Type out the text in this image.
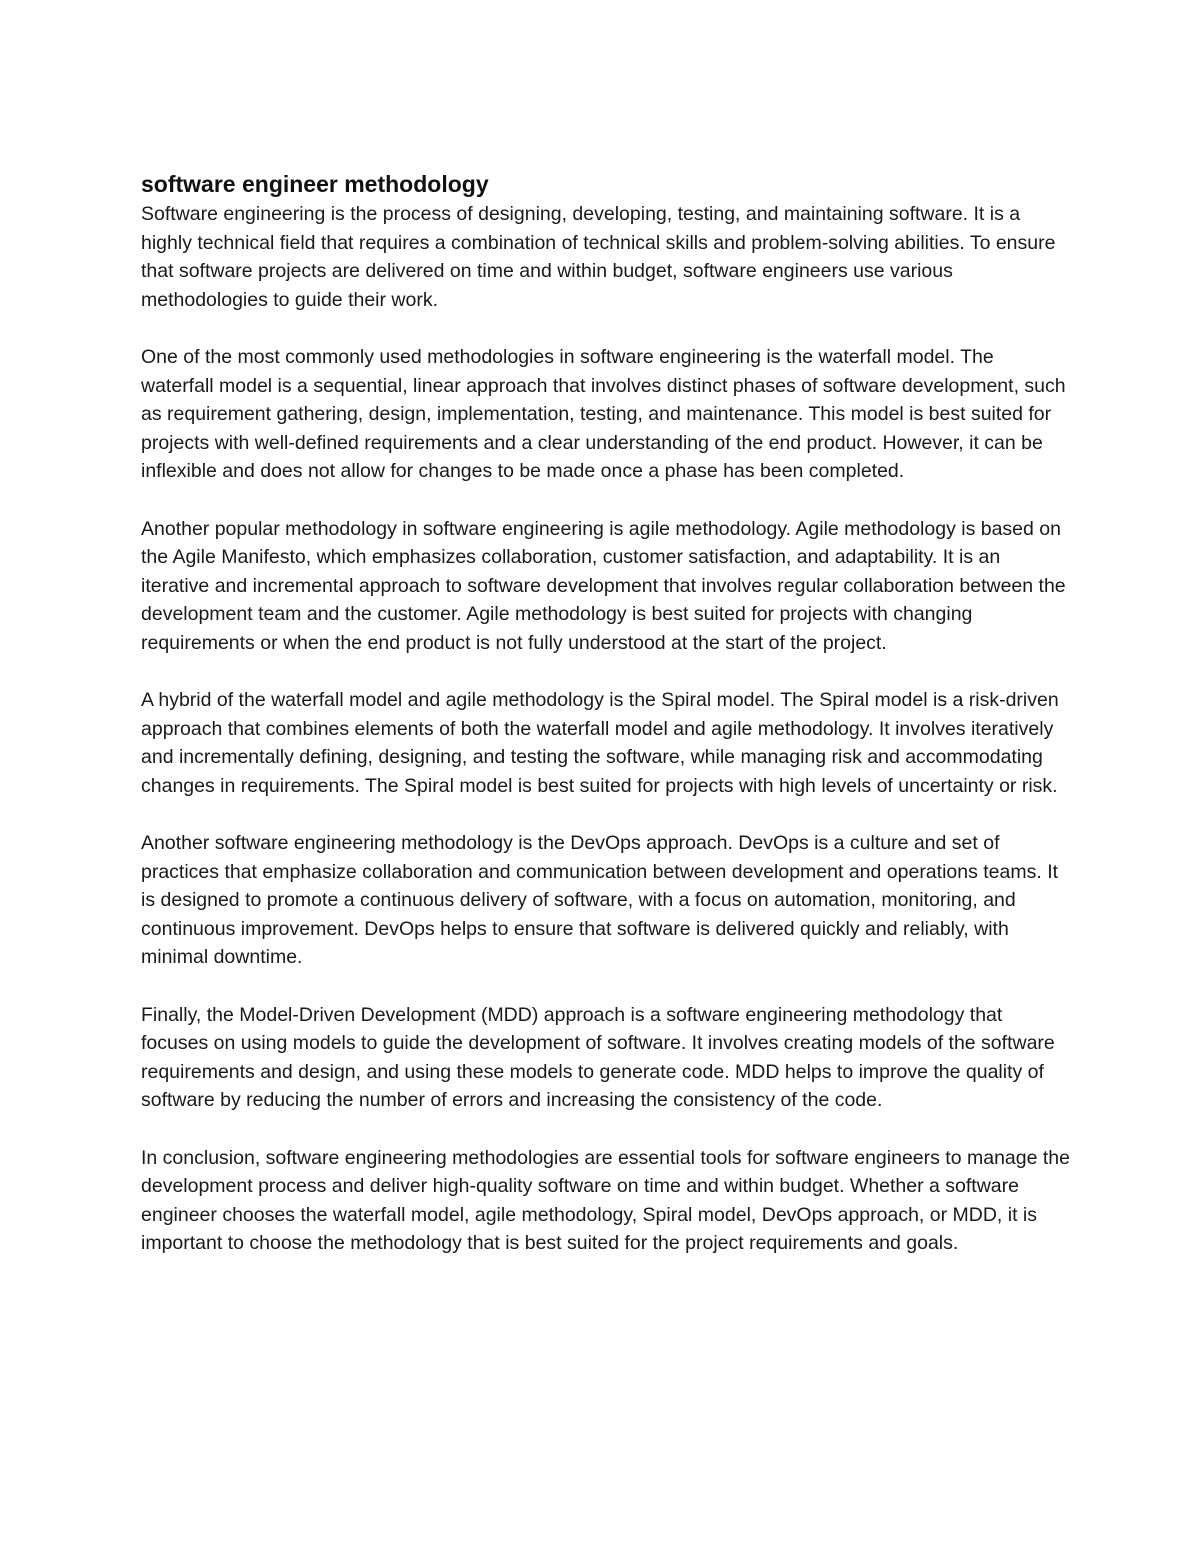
software engineer methodology

Software engineering is the process of designing, developing, testing, and maintaining software. It is a highly technical field that requires a combination of technical skills and problem-solving abilities. To ensure that software projects are delivered on time and within budget, software engineers use various methodologies to guide their work.

One of the most commonly used methodologies in software engineering is the waterfall model. The waterfall model is a sequential, linear approach that involves distinct phases of software development, such as requirement gathering, design, implementation, testing, and maintenance. This model is best suited for projects with well-defined requirements and a clear understanding of the end product. However, it can be inflexible and does not allow for changes to be made once a phase has been completed.

Another popular methodology in software engineering is agile methodology. Agile methodology is based on the Agile Manifesto, which emphasizes collaboration, customer satisfaction, and adaptability. It is an iterative and incremental approach to software development that involves regular collaboration between the development team and the customer. Agile methodology is best suited for projects with changing requirements or when the end product is not fully understood at the start of the project.

A hybrid of the waterfall model and agile methodology is the Spiral model. The Spiral model is a risk-driven approach that combines elements of both the waterfall model and agile methodology. It involves iteratively and incrementally defining, designing, and testing the software, while managing risk and accommodating changes in requirements. The Spiral model is best suited for projects with high levels of uncertainty or risk.

Another software engineering methodology is the DevOps approach. DevOps is a culture and set of practices that emphasize collaboration and communication between development and operations teams. It is designed to promote a continuous delivery of software, with a focus on automation, monitoring, and continuous improvement. DevOps helps to ensure that software is delivered quickly and reliably, with minimal downtime.

Finally, the Model-Driven Development (MDD) approach is a software engineering methodology that focuses on using models to guide the development of software. It involves creating models of the software requirements and design, and using these models to generate code. MDD helps to improve the quality of software by reducing the number of errors and increasing the consistency of the code.

In conclusion, software engineering methodologies are essential tools for software engineers to manage the development process and deliver high-quality software on time and within budget. Whether a software engineer chooses the waterfall model, agile methodology, Spiral model, DevOps approach, or MDD, it is important to choose the methodology that is best suited for the project requirements and goals.
